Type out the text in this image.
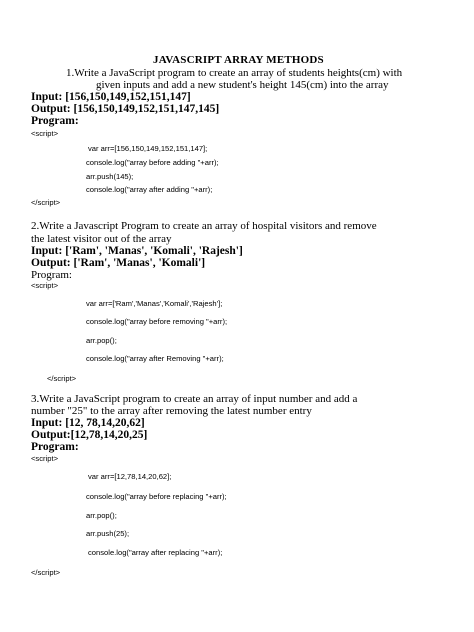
JAVASCRIPT ARRAY METHODS
1.Write a JavaScript program to create an array of students heights(cm) with
given inputs and add a new student's height 145(cm) into the array
Input: [156,150,149,152,151,147]
Output: [156,150,149,152,151,147,145]
Program:
<script>
var arr=[156,150,149,152,151,147];
console.log("array before adding "+arr);
arr.push(145);
console.log("array after adding "+arr);
</script>
2.Write a Javascript Program to create an array of hospital visitors and remove
the latest visitor out of the array
Input: ['Ram', 'Manas', 'Komali', 'Rajesh']
Output: ['Ram', 'Manas', 'Komali']
Program:
<script>
var arr=['Ram','Manas','Komali','Rajesh'];
console.log("array before removing "+arr);
arr.pop();
console.log("array after Removing "+arr);
</script>
3.Write a JavaScript program to create an array of input number and add a
number "25" to the array after removing the latest number entry
Input: [12, 78,14,20,62]
Output:[12,78,14,20,25]
Program:
<script>
var arr=[12,78,14,20,62];
console.log("array before replacing "+arr);
arr.pop();
arr.push(25);
console.log("array after replacing "+arr);
</script>
